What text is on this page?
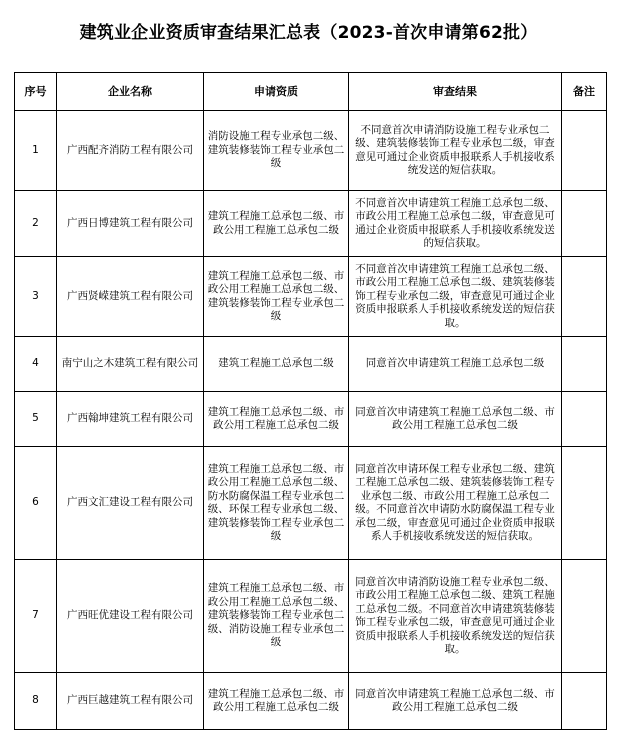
建筑业企业资质审查结果汇总表（2023-首次申请第62批）
序号	企业名称	申请资质	审查结果	备注
1	广西配齐消防工程有限公司	消防设施工程专业承包二级、建筑装修装饰工程专业承包二级	不同意首次申请消防设施工程专业承包二级、建筑装修装饰工程专业承包二级，审查意见可通过企业资质申报联系人手机接收系统发送的短信获取。	
2	广西日博建筑工程有限公司	建筑工程施工总承包二级、市政公用工程施工总承包二级	不同意首次申请建筑工程施工总承包二级、市政公用工程施工总承包二级，审查意见可通过企业资质申报联系人手机接收系统发送的短信获取。	
3	广西贤嵘建筑工程有限公司	建筑工程施工总承包二级、市政公用工程施工总承包二级、建筑装修装饰工程专业承包二级	不同意首次申请建筑工程施工总承包二级、市政公用工程施工总承包二级、建筑装修装饰工程专业承包二级，审查意见可通过企业资质申报联系人手机接收系统发送的短信获取。	
4	南宁山之木建筑工程有限公司	建筑工程施工总承包二级	同意首次申请建筑工程施工总承包二级	
5	广西翰坤建筑工程有限公司	建筑工程施工总承包二级、市政公用工程施工总承包二级	同意首次申请建筑工程施工总承包二级、市政公用工程施工总承包二级	
6	广西文汇建设工程有限公司	建筑工程施工总承包二级、市政公用工程施工总承包二级、防水防腐保温工程专业承包二级、环保工程专业承包二级、建筑装修装饰工程专业承包二级	同意首次申请环保工程专业承包二级、建筑工程施工总承包二级、建筑装修装饰工程专业承包二级、市政公用工程施工总承包二级。不同意首次申请防水防腐保温工程专业承包二级，审查意见可通过企业资质申报联系人手机接收系统发送的短信获取。	
7	广西旺优建设工程有限公司	建筑工程施工总承包二级、市政公用工程施工总承包二级、建筑装修装饰工程专业承包二级、消防设施工程专业承包二级	同意首次申请消防设施工程专业承包二级、市政公用工程施工总承包二级、建筑工程施工总承包二级。不同意首次申请建筑装修装饰工程专业承包二级，审查意见可通过企业资质申报联系人手机接收系统发送的短信获取。	
8	广西巨越建筑工程有限公司	建筑工程施工总承包二级、市政公用工程施工总承包二级	同意首次申请建筑工程施工总承包二级、市政公用工程施工总承包二级	
